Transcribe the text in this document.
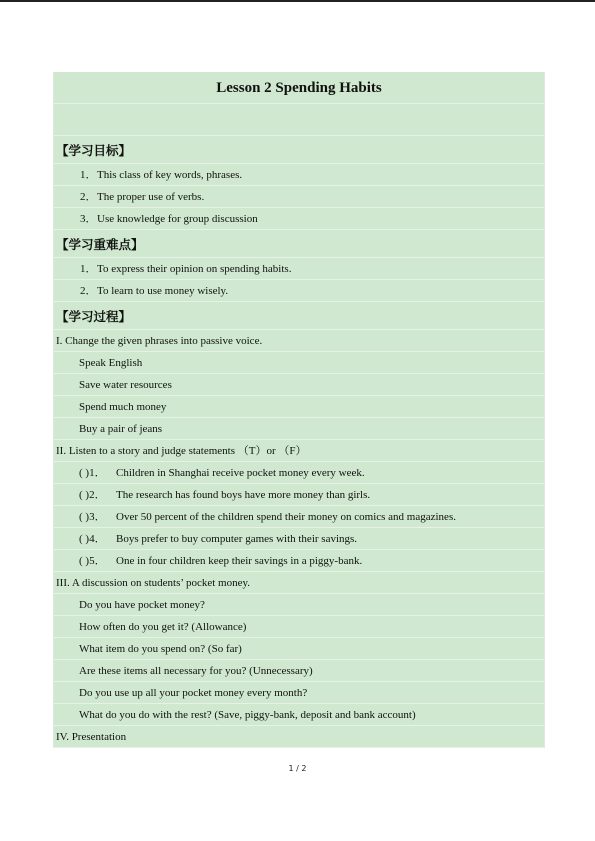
Lesson 2 Spending Habits
【学习目标】
1． This class of key words, phrases.
2． The proper use of verbs.
3． Use knowledge for group discussion
【学习重难点】
1． To express their opinion on spending habits.
2． To learn to use money wisely.
【学习过程】
I. Change the given phrases into passive voice.
Speak English
Save water resources
Spend much money
Buy a pair of jeans
II. Listen to a story and judge statements （T）or （F）
( )1． Children in Shanghai receive pocket money every week.
( )2． The research has found boys have more money than girls.
( )3． Over 50 percent of the children spend their money on comics and magazines.
( )4． Boys prefer to buy computer games with their savings.
( )5． One in four children keep their savings in a piggy-bank.
III. A discussion on students’ pocket money.
Do you have pocket money?
How often do you get it? (Allowance)
What item do you spend on? (So far)
Are these items all necessary for you? (Unnecessary)
Do you use up all your pocket money every month?
What do you do with the rest? (Save, piggy-bank, deposit and bank account)
IV. Presentation
1 / 2
